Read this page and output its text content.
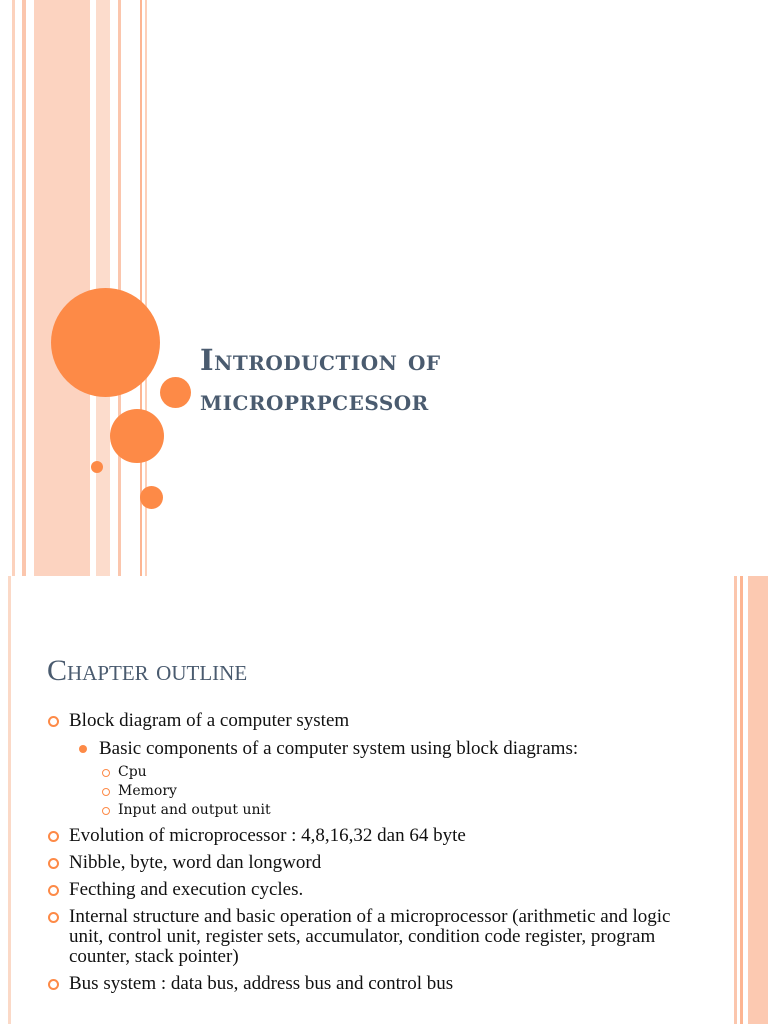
Introduction of
microprpcessor
Chapter outline
Block diagram of a computer system
Basic components of a computer system using block diagrams:
Cpu
Memory
Input and output unit
Evolution of microprocessor : 4,8,16,32 dan 64 byte
Nibble, byte, word dan longword
Fecthing and execution cycles.
Internal structure and basic operation of a microprocessor (arithmetic and logic unit, control unit, register sets, accumulator, condition code register, program counter, stack pointer)
Bus system : data bus, address bus and control bus
